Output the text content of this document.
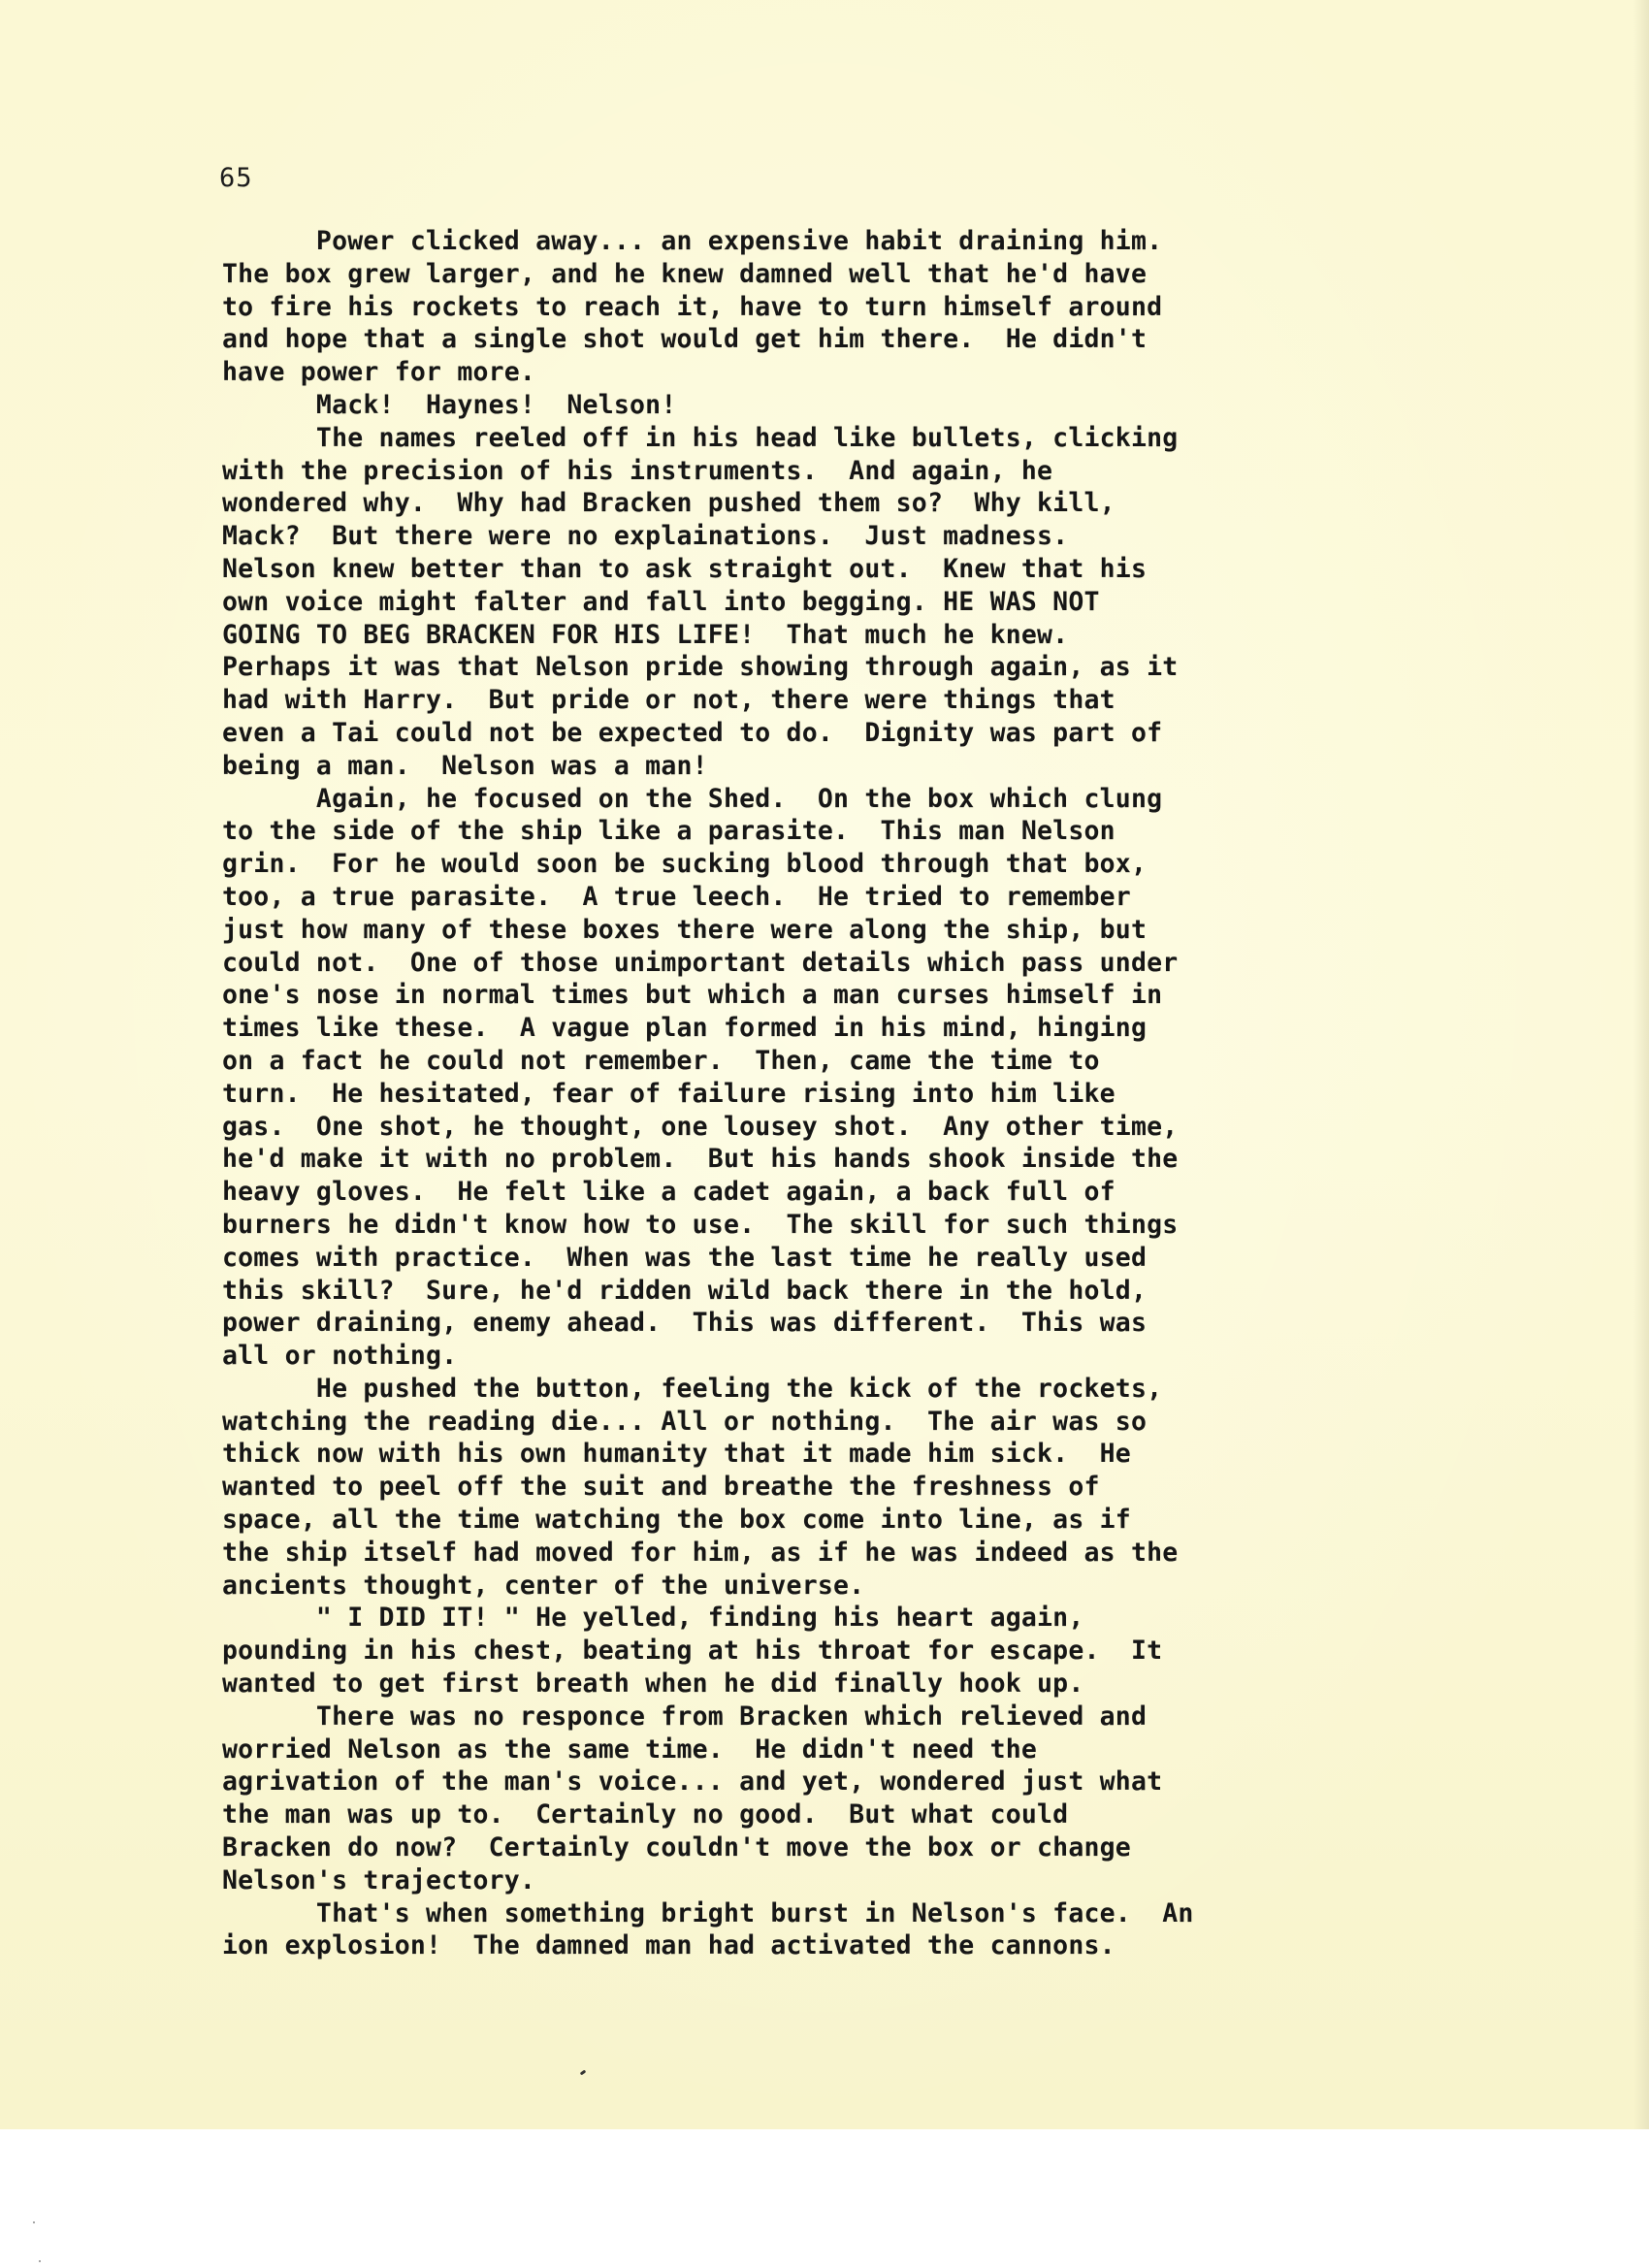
65
Power clicked away... an expensive habit draining him.
The box grew larger, and he knew damned well that he'd have
to fire his rockets to reach it, have to turn himself around
and hope that a single shot would get him there.  He didn't
have power for more.
Mack!  Haynes!  Nelson!
The names reeled off in his head like bullets, clicking
with the precision of his instruments.  And again, he
wondered why.  Why had Bracken pushed them so?  Why kill,
Mack?  But there were no explainations.  Just madness.
Nelson knew better than to ask straight out.  Knew that his
own voice might falter and fall into begging. HE WAS NOT
GOING TO BEG BRACKEN FOR HIS LIFE!  That much he knew.
Perhaps it was that Nelson pride showing through again, as it
had with Harry.  But pride or not, there were things that
even a Tai could not be expected to do.  Dignity was part of
being a man.  Nelson was a man!
Again, he focused on the Shed.  On the box which clung
to the side of the ship like a parasite.  This man Nelson
grin.  For he would soon be sucking blood through that box,
too, a true parasite.  A true leech.  He tried to remember
just how many of these boxes there were along the ship, but
could not.  One of those unimportant details which pass under
one's nose in normal times but which a man curses himself in
times like these.  A vague plan formed in his mind, hinging
on a fact he could not remember.  Then, came the time to
turn.  He hesitated, fear of failure rising into him like
gas.  One shot, he thought, one lousey shot.  Any other time,
he'd make it with no problem.  But his hands shook inside the
heavy gloves.  He felt like a cadet again, a back full of
burners he didn't know how to use.  The skill for such things
comes with practice.  When was the last time he really used
this skill?  Sure, he'd ridden wild back there in the hold,
power draining, enemy ahead.  This was different.  This was
all or nothing.
He pushed the button, feeling the kick of the rockets,
watching the reading die... All or nothing.  The air was so
thick now with his own humanity that it made him sick.  He
wanted to peel off the suit and breathe the freshness of
space, all the time watching the box come into line, as if
the ship itself had moved for him, as if he was indeed as the
ancients thought, center of the universe.
" I DID IT! " He yelled, finding his heart again,
pounding in his chest, beating at his throat for escape.  It
wanted to get first breath when he did finally hook up.
There was no responce from Bracken which relieved and
worried Nelson as the same time.  He didn't need the
agrivation of the man's voice... and yet, wondered just what
the man was up to.  Certainly no good.  But what could
Bracken do now?  Certainly couldn't move the box or change
Nelson's trajectory.
That's when something bright burst in Nelson's face.  An
ion explosion!  The damned man had activated the cannons.
